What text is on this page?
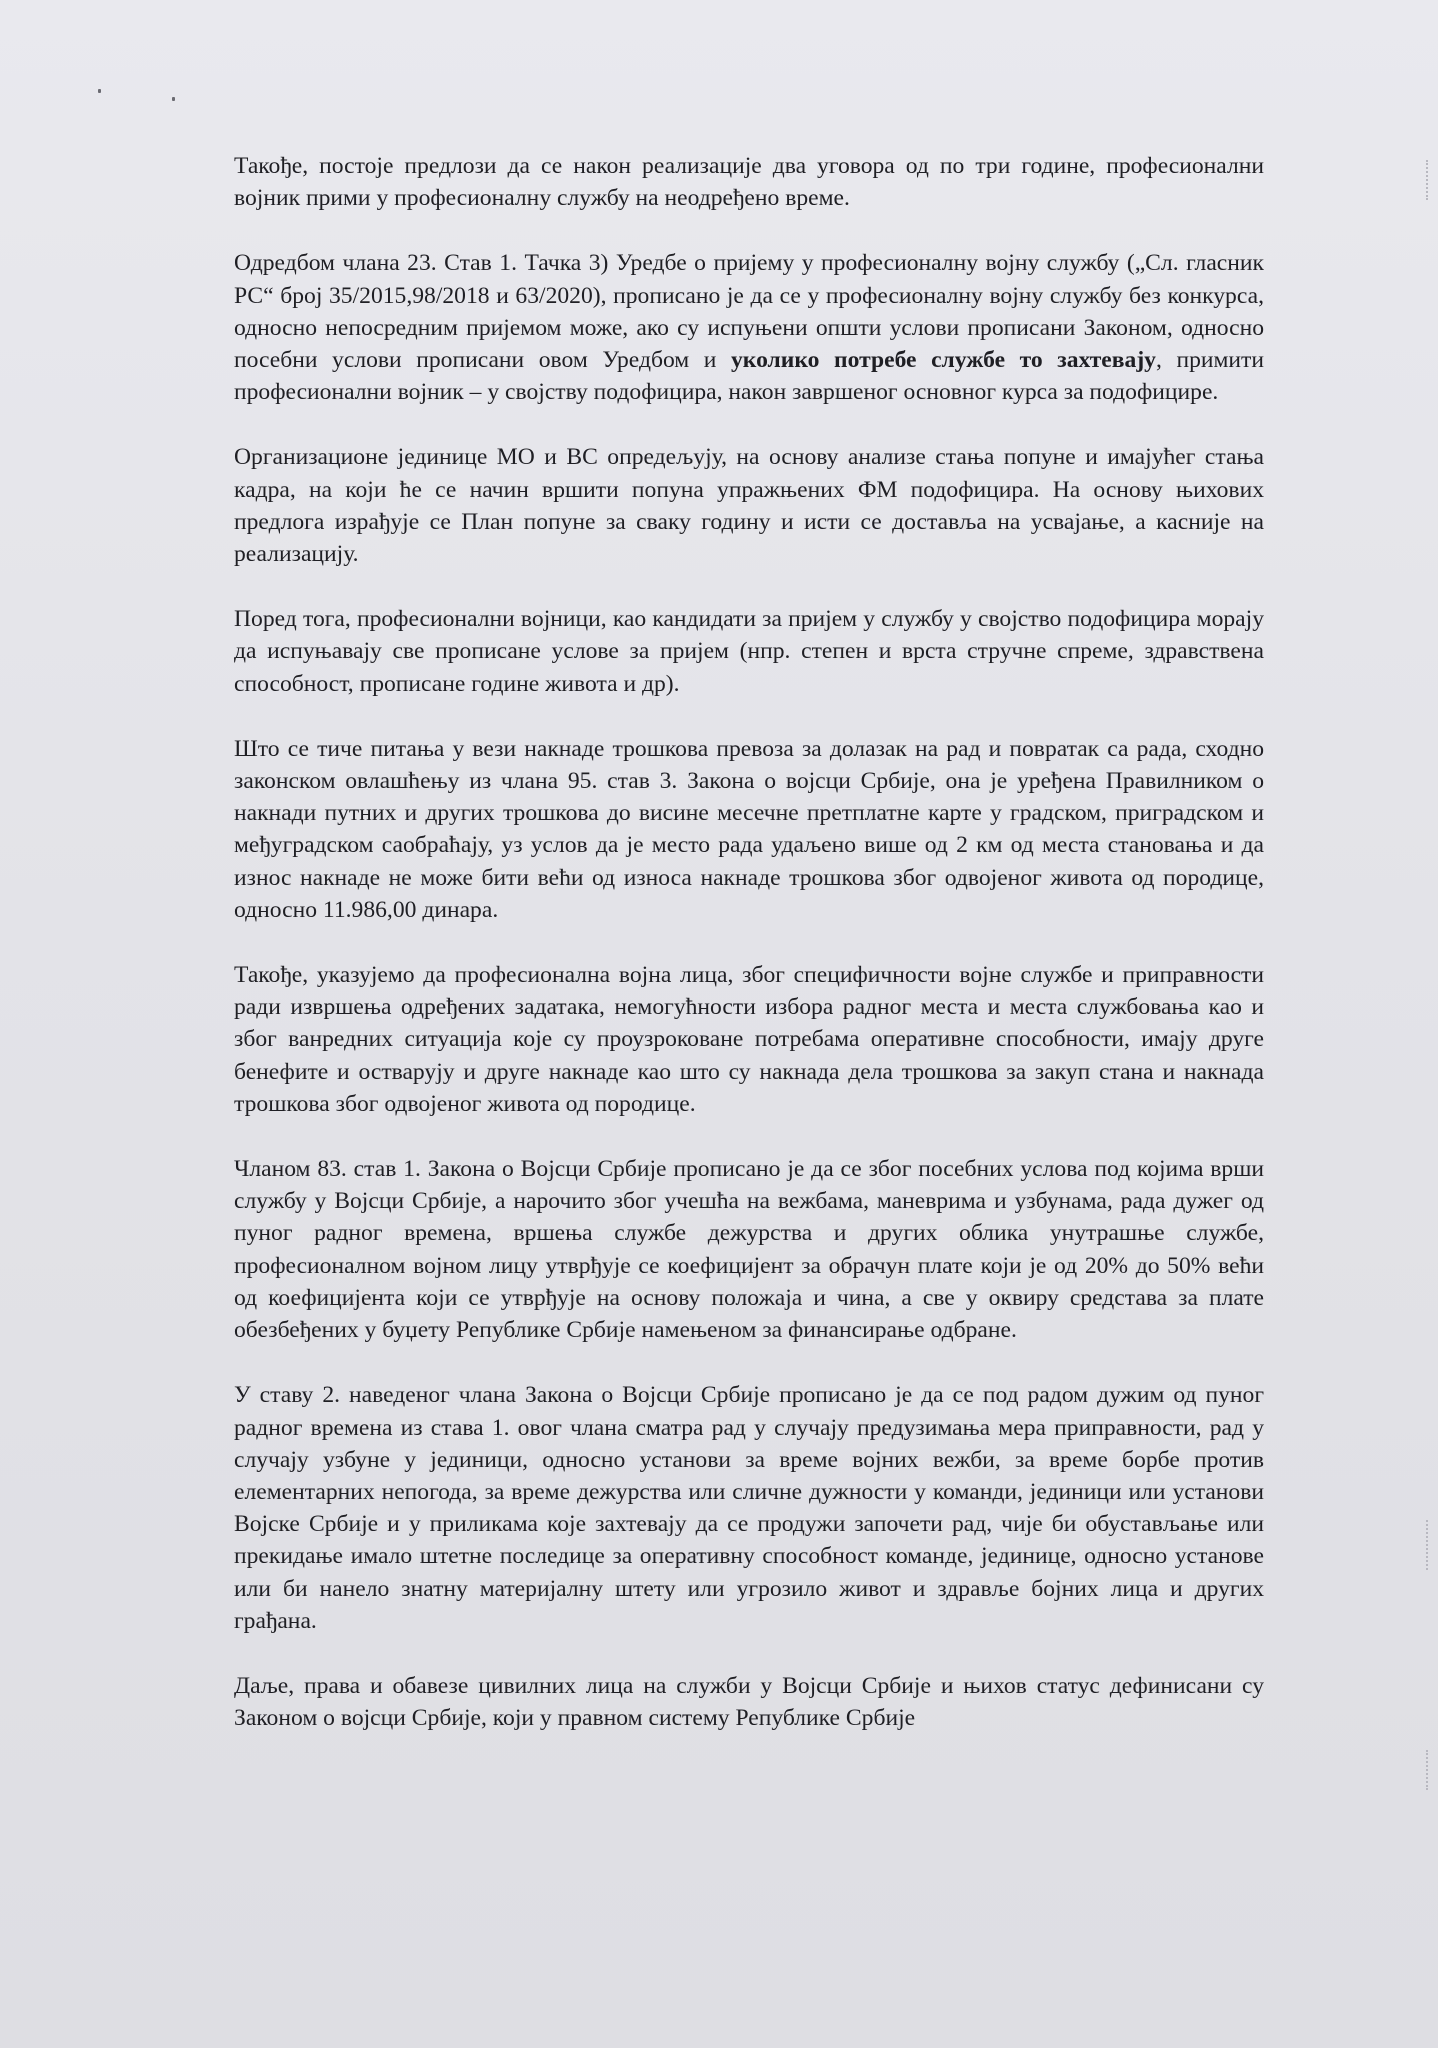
Такође, постоје предлози да се након реализације два уговора од по три године, професионални војник прими у професионалну службу на неодређено време.

Одредбом члана 23. Став 1. Тачка 3) Уредбе о пријему у професионалну војну службу („Сл. гласник РС“ број 35/2015,98/2018 и 63/2020), прописано је да се у професионалну војну службу без конкурса, односно непосредним пријемом може, ако су испуњени општи услови прописани Законом, односно посебни услови прописани овом Уредбом и уколико потребе службе то захтевају, примити професионални војник – у својству подофицира, након завршеног основног курса за подофицире.

Организационе јединице МО и ВС опредељују, на основу анализе стања попуне и имајућег стања кадра, на који ће се начин вршити попуна упражњених ФМ подофицира. На основу њихових предлога израђује се План попуне за сваку годину и исти се доставља на усвајање, а касније на реализацију.

Поред тога, професионални војници, као кандидати за пријем у службу у својство подофицира морају да испуњавају све прописане услове за пријем (нпр. степен и врста стручне спреме, здравствена способност, прописане године живота и др).

Што се тиче питања у вези накнаде трошкова превоза за долазак на рад и повратак са рада, сходно законском овлашћењу из члана 95. став 3. Закона о војсци Србије, она је уређена Правилником о накнади путних и других трошкова до висине месечне претплатне карте у градском, приградском и међуградском саобраћају, уз услов да је место рада удаљено више од 2 км од места становања и да износ накнаде не може бити већи од износа накнаде трошкова због одвојеног живота од породице, односно 11.986,00 динара.

Такође, указујемо да професионална војна лица, због специфичности војне службе и приправности ради извршења одређених задатака, немогућности избора радног места и места службовања као и због ванредних ситуација које су проузроковане потребама оперативне способности, имају друге бенефите и остварују и друге накнаде као што су накнада дела трошкова за закуп стана и накнада трошкова због одвојеног живота од породице.

Чланом 83. став 1. Закона о Војсци Србије прописано је да се због посебних услова под којима врши службу у Војсци Србије, а нарочито због учешћа на вежбама, маневрима и узбунама, рада дужег од пуног радног времена, вршења службе дежурства и других облика унутрашње службе, професионалном војном лицу утврђује се коефицијент за обрачун плате који је од 20% до 50% већи од коефицијента који се утврђује на основу положаја и чина, а све у оквиру средстава за плате обезбеђених у буџету Републике Србије намењеном за финансирање одбране.

У ставу 2. наведеног члана Закона о Војсци Србије прописано је да се под радом дужим од пуног радног времена из става 1. овог члана сматра рад у случају предузимања мера приправности, рад у случају узбуне у јединици, односно установи за време војних вежби, за време борбе против елементарних непогода, за време дежурства или сличне дужности у команди, јединици или установи Војске Србије и у приликама које захтевају да се продужи започети рад, чије би обустављање или прекидање имало штетне последице за оперативну способност команде, јединице, односно установе или би нанело знатну материјалну штету или угрозило живот и здравље бојних лица и других грађана.

Даље, права и обавезе цивилних лица на служби у Војсци Србије и њихов статус дефинисани су Законом о војсци Србије, који у правном систему Републике Србије
